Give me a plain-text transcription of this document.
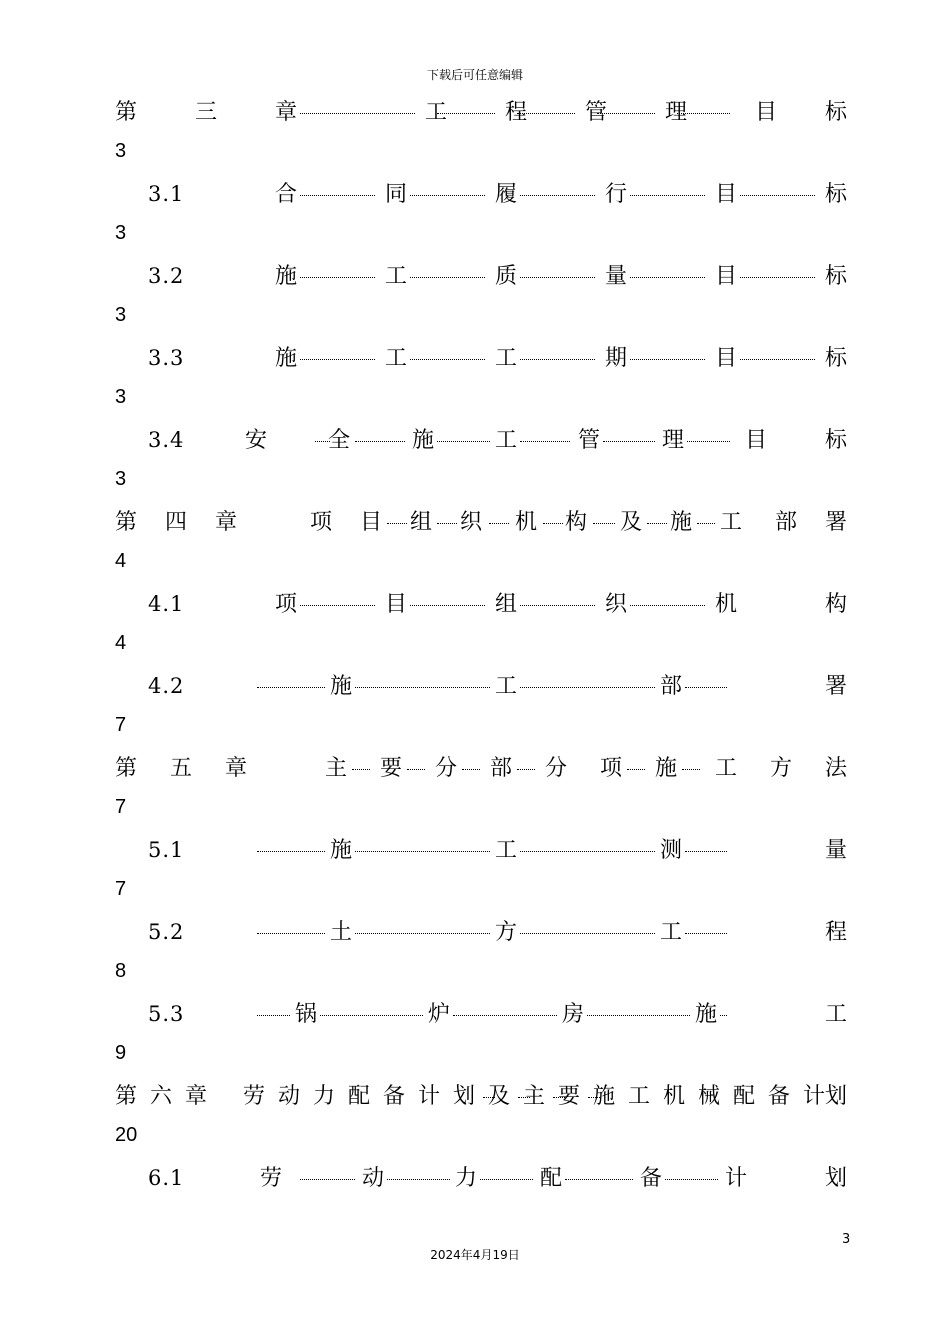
下载后可任意编辑
第	三	章	工	程	管	理	目 标
3
3.1	合	同	履	行	目	标
3
3.2	施	工	质	量	目	标
3
3.3	施	工	工	期	目	标
3
3.4	安	全	施	工	管	理	目	标
3
第 四 章	项 目 组 织 机 构 及 施 工 部 署
4
4.1	项	目	组	织	机	构
4
4.2	施	工	部	署
7
第 五 章	主 要 分 部 分 项 施 工 方 法
7
5.1	施	工	测	量
7
5.2	土	方	工	程
8
5.3	锅	炉	房	施	工
9
第 六 章 劳 动 力 配 备 计 划 及 主 要 施 工 机 械 配 备 计 划
20
6.1	劳	动	力	配	备	计	划
3
2024年4月19日
